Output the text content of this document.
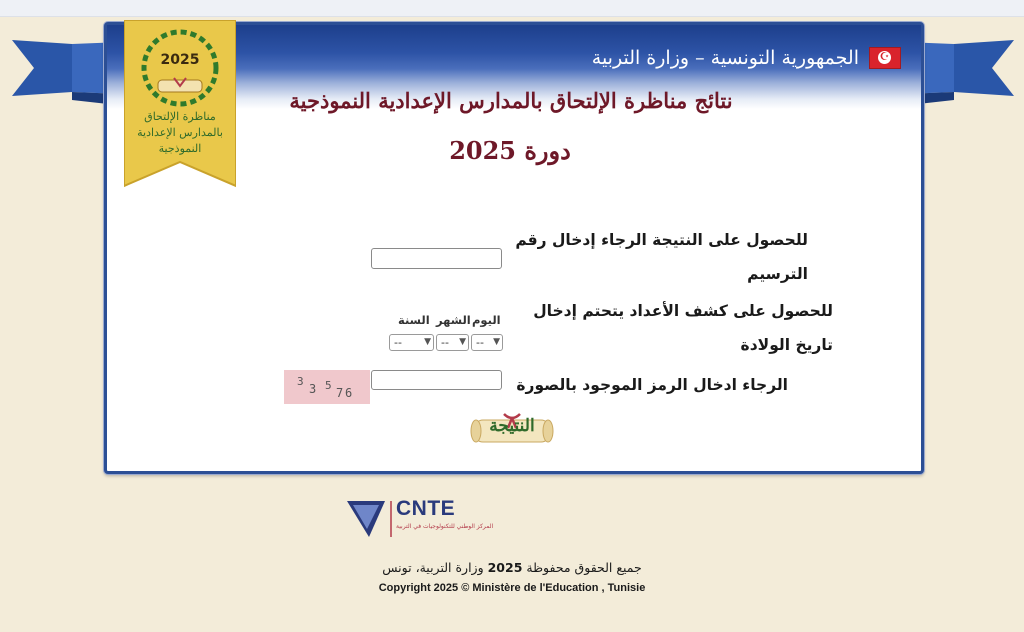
☪
الجمهورية التونسية – وزارة التربية
2025
مناظرة الإلتحاق
بالمدارس الإعدادية
النموذجية
نتائج مناظرة الإلتحاق بالمدارس الإعدادية النموذجية
دورة 2025
للحصول على النتيجة الرجاء إدخال رقم الترسيم
للحصول على كشف الأعداد يتحتم إدخال تاريخ الولادة
اليوم
الشهر
السنة
-- ▼
-- ▼
-- ▼
الرجاء ادخال الرمز الموجود بالصورة
3
3 5
7 6
النتيجة
CNTE
المركز الوطني للتكنولوجيات في التربية
جميع الحقوق محفوظة 2025 وزارة التربية، تونس
Copyright 2025 © Ministère de l'Education , Tunisie
